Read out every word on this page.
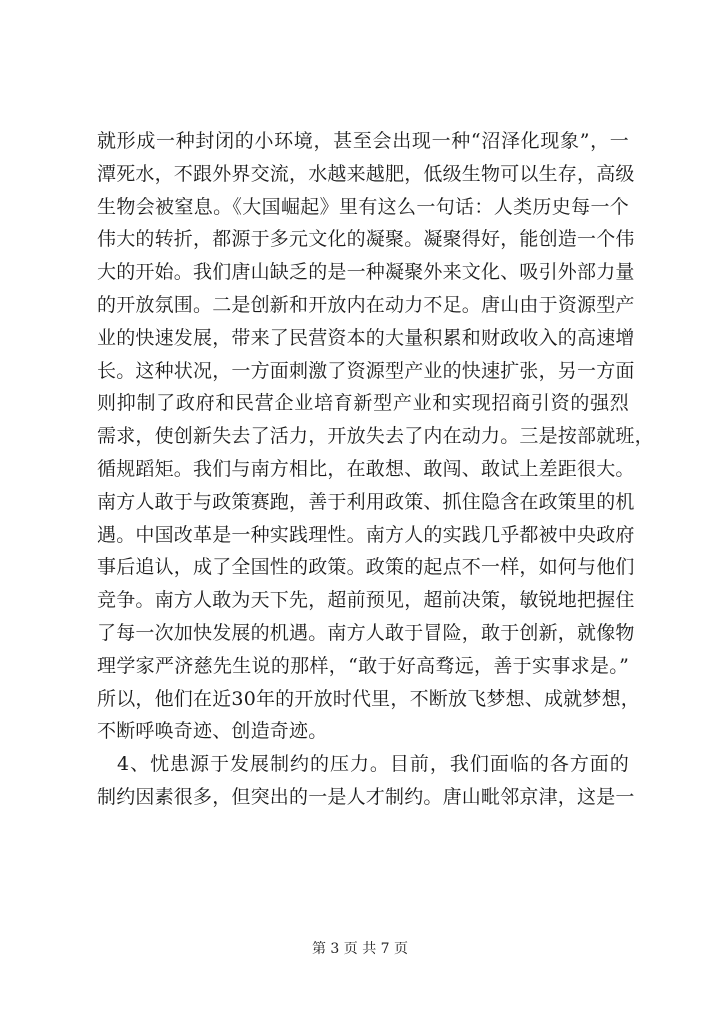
就形成一种封闭的小环境，甚至会出现一种“沼泽化现象”，一
潭死水，不跟外界交流，水越来越肥，低级生物可以生存，高级
生物会被窒息。《大国崛起》里有这么一句话：人类历史每一个
伟大的转折，都源于多元文化的凝聚。凝聚得好，能创造一个伟
大的开始。我们唐山缺乏的是一种凝聚外来文化、吸引外部力量
的开放氛围。二是创新和开放内在动力不足。唐山由于资源型产
业的快速发展，带来了民营资本的大量积累和财政收入的高速增
长。这种状况，一方面刺激了资源型产业的快速扩张，另一方面
则抑制了政府和民营企业培育新型产业和实现招商引资的强烈
需求，使创新失去了活力，开放失去了内在动力。三是按部就班，
循规蹈矩。我们与南方相比，在敢想、敢闯、敢试上差距很大。
南方人敢于与政策赛跑，善于利用政策、抓住隐含在政策里的机
遇。中国改革是一种实践理性。南方人的实践几乎都被中央政府
事后追认，成了全国性的政策。政策的起点不一样，如何与他们
竞争。南方人敢为天下先，超前预见，超前决策，敏锐地把握住
了每一次加快发展的机遇。南方人敢于冒险，敢于创新，就像物
理学家严济慈先生说的那样，“敢于好高骛远，善于实事求是。”
所以，他们在近30年的开放时代里，不断放飞梦想、成就梦想，
不断呼唤奇迹、创造奇迹。
4、忧患源于发展制约的压力。目前，我们面临的各方面的
制约因素很多，但突出的一是人才制约。唐山毗邻京津，这是一
第 3 页 共 7 页
